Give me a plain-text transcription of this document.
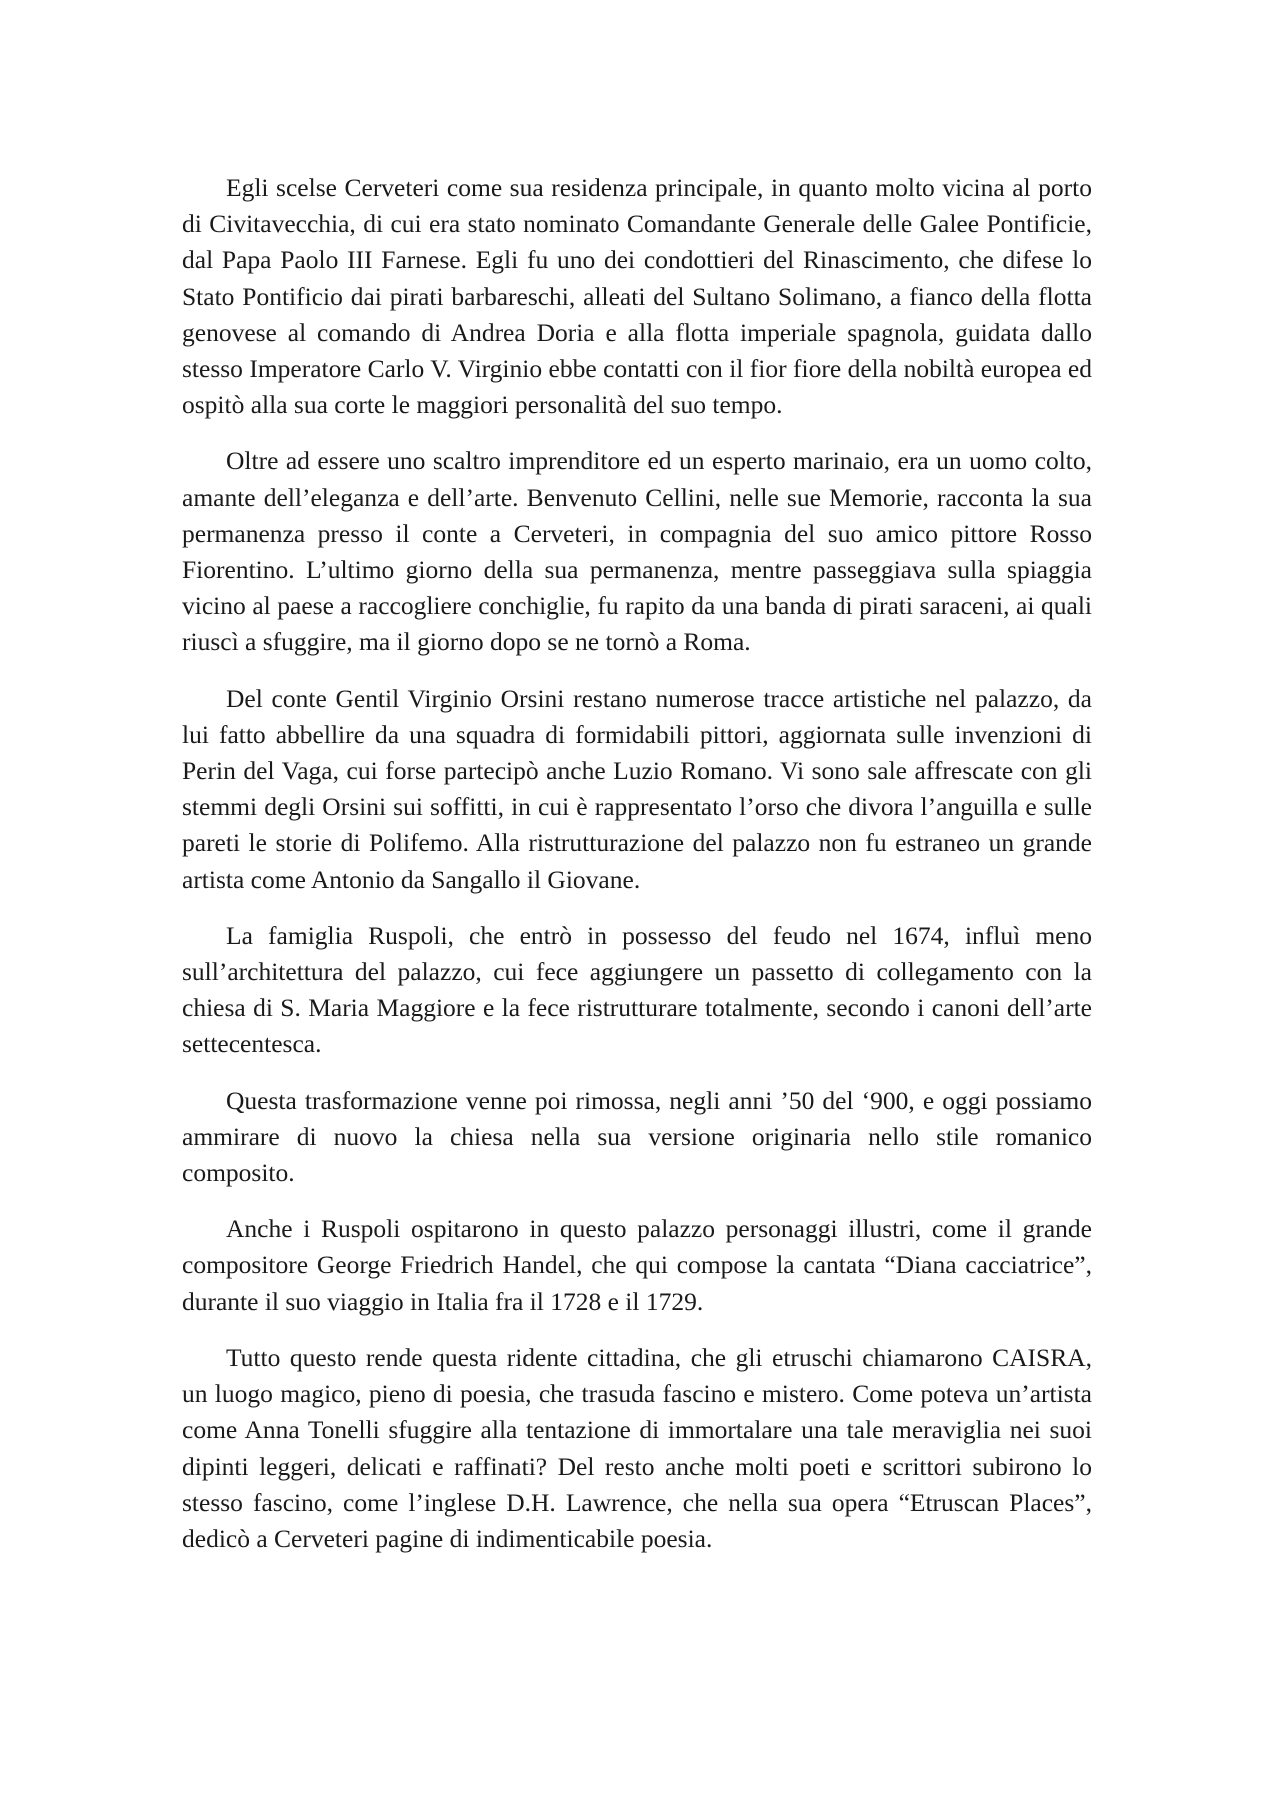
Egli scelse Cerveteri come sua residenza principale, in quanto molto vicina al porto di Civitavecchia, di cui era stato nominato Comandante Generale delle Galee Pontificie, dal Papa Paolo III Farnese. Egli fu uno dei condottieri del Rinascimento, che difese lo Stato Pontificio dai pirati barbareschi, alleati del Sultano Solimano, a fianco della flotta genovese al comando di Andrea Doria e alla flotta imperiale spagnola, guidata dallo stesso Imperatore Carlo V. Virginio ebbe contatti con il fior fiore della nobiltà europea ed ospitò alla sua corte le maggiori personalità del suo tempo.

Oltre ad essere uno scaltro imprenditore ed un esperto marinaio, era un uomo colto, amante dell’eleganza e dell’arte. Benvenuto Cellini, nelle sue Memorie, racconta la sua permanenza presso il conte a Cerveteri, in compagnia del suo amico pittore Rosso Fiorentino. L’ultimo giorno della sua permanenza, mentre passeggiava sulla spiaggia vicino al paese a raccogliere conchiglie, fu rapito da una banda di pirati saraceni, ai quali riuscì a sfuggire, ma il giorno dopo se ne tornò a Roma.

Del conte Gentil Virginio Orsini restano numerose tracce artistiche nel palazzo, da lui fatto abbellire da una squadra di formidabili pittori, aggiornata sulle invenzioni di Perin del Vaga, cui forse partecipò anche Luzio Romano. Vi sono sale affrescate con gli stemmi degli Orsini sui soffitti, in cui è rappresentato l’orso che divora l’anguilla e sulle pareti le storie di Polifemo. Alla ristrutturazione del palazzo non fu estraneo un grande artista come Antonio da Sangallo il Giovane.

La famiglia Ruspoli, che entrò in possesso del feudo nel 1674, influì meno sull’architettura del palazzo, cui fece aggiungere un passetto di collegamento con la chiesa di S. Maria Maggiore e la fece ristrutturare totalmente, secondo i canoni dell’arte settecentesca.

Questa trasformazione venne poi rimossa, negli anni ’50 del ‘900, e oggi possiamo ammirare di nuovo la chiesa nella sua versione originaria nello stile romanico composito.

Anche i Ruspoli ospitarono in questo palazzo personaggi illustri, come il grande compositore George Friedrich Handel, che qui compose la cantata “Diana cacciatrice”, durante il suo viaggio in Italia fra il 1728 e il 1729.

Tutto questo rende questa ridente cittadina, che gli etruschi chiamarono CAISRA, un luogo magico, pieno di poesia, che trasuda fascino e mistero. Come poteva un’artista come Anna Tonelli sfuggire alla tentazione di immortalare una tale meraviglia nei suoi dipinti leggeri, delicati e raffinati? Del resto anche molti poeti e scrittori subirono lo stesso fascino, come l’inglese D.H. Lawrence, che nella sua opera “Etruscan Places”, dedicò a Cerveteri pagine di indimenticabile poesia.
